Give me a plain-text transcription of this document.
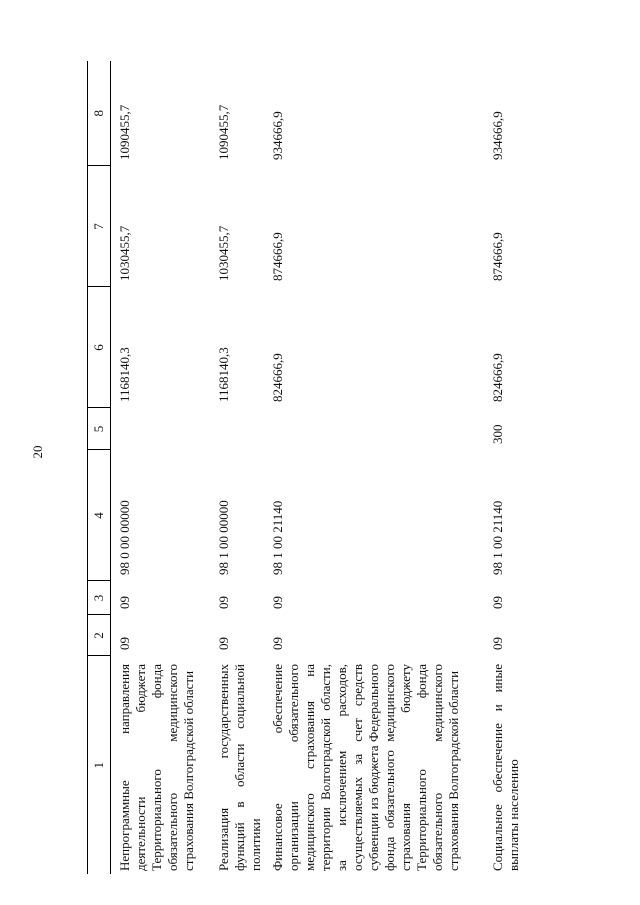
20
1	2	3	4	5	6	7	8
Непрограммные направления деятельности бюджета Территориального фонда обязательного медицинского страхования Волгоградской области	09	09	98 0 00 00000		1168140,3	1030455,7	1090455,7
Реализация государственных функций в области социальной политики	09	09	98 1 00 00000		1168140,3	1030455,7	1090455,7
Финансовое обеспечение организации обязательного медицинского страхования на территории Волгоградской области, за исключением расходов, осуществляемых за счет средств субвенции из бюджета Федерального фонда обязательного медицинского страхования бюджету Территориального фонда обязательного медицинского страхования Волгоградской области	09	09	98 1 00 21140		824666,9	874666,9	934666,9
Социальное обеспечение и иные выплаты населению	09	09	98 1 00 21140	300	824666,9	874666,9	934666,9
